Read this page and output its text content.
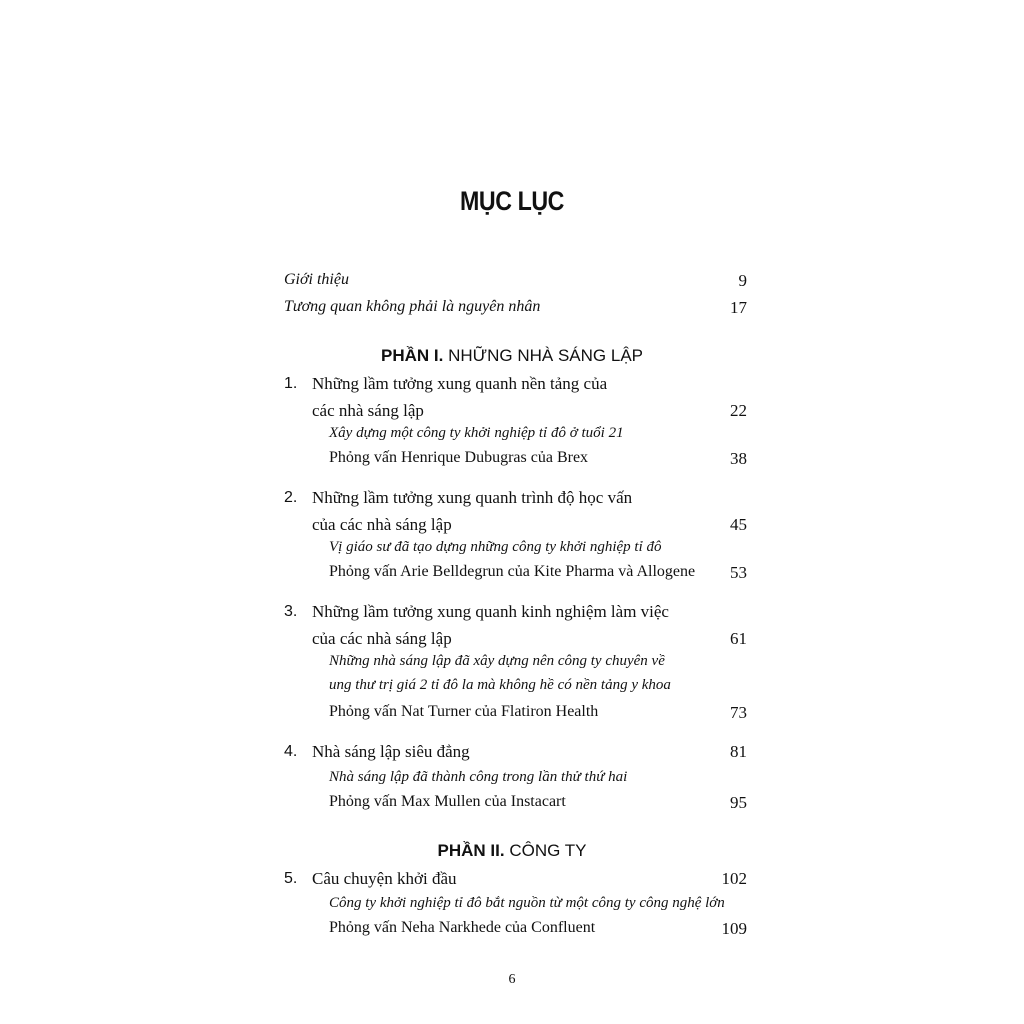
MỤC LỤC
Giới thiệu	9
Tương quan không phải là nguyên nhân	17
PHẦN I. NHỮNG NHÀ SÁNG LẬP
1. Những lầm tưởng xung quanh nền tảng của
các nhà sáng lập	22
Xây dựng một công ty khởi nghiệp tỉ đô ở tuổi 21
Phỏng vấn Henrique Dubugras của Brex	38
2. Những lầm tưởng xung quanh trình độ học vấn
của các nhà sáng lập	45
Vị giáo sư đã tạo dựng những công ty khởi nghiệp tỉ đô
Phỏng vấn Arie Belldegrun của Kite Pharma và Allogene 53
3. Những lầm tưởng xung quanh kinh nghiệm làm việc
của các nhà sáng lập	61
Những nhà sáng lập đã xây dựng nên công ty chuyên về
ung thư trị giá 2 tỉ đô la mà không hề có nền tảng y khoa
Phỏng vấn Nat Turner của Flatiron Health	73
4. Nhà sáng lập siêu đẳng	81
Nhà sáng lập đã thành công trong lần thử thứ hai
Phỏng vấn Max Mullen của Instacart	95
PHẦN II. CÔNG TY
5. Câu chuyện khởi đầu	102
Công ty khởi nghiệp tỉ đô bắt nguồn từ một công ty công nghệ lớn
Phỏng vấn Neha Narkhede của Confluent	109
6
